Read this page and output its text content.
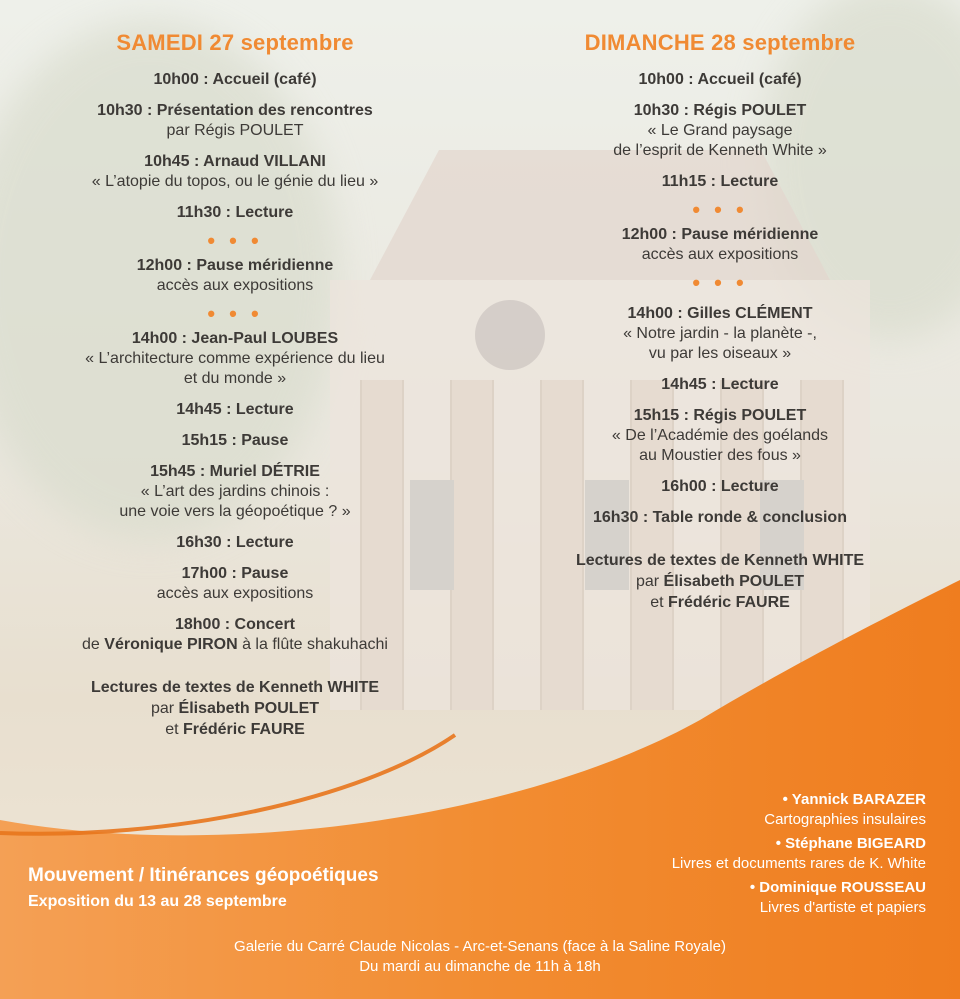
SAMEDI 27 septembre
10h00 : Accueil (café)
10h30 : Présentation des rencontres
par Régis POULET
10h45 : Arnaud VILLANI
« L’atopie du topos, ou le génie du lieu »
11h30 : Lecture
• • •
12h00 : Pause méridienne
accès aux expositions
• • •
14h00 : Jean-Paul LOUBES
« L’architecture comme expérience du lieu
et du monde »
14h45 : Lecture
15h15 : Pause
15h45 : Muriel DÉTRIE
« L’art des jardins chinois :
une voie vers la géopoétique ? »
16h30 : Lecture
17h00 : Pause
accès aux expositions
18h00 : Concert
de Véronique PIRON à la flûte shakuhachi
Lectures de textes de Kenneth WHITE
par Élisabeth POULET
et Frédéric FAURE
DIMANCHE 28 septembre
10h00 : Accueil (café)
10h30 : Régis POULET
« Le Grand paysage
de l’esprit de Kenneth White »
11h15 : Lecture
• • •
12h00 : Pause méridienne
accès aux expositions
• • •
14h00 : Gilles CLÉMENT
« Notre jardin - la planète -,
vu par les oiseaux »
14h45 : Lecture
15h15 : Régis POULET
« De l’Académie des goélands
au Moustier des fous »
16h00 : Lecture
16h30 : Table ronde & conclusion
Lectures de textes de Kenneth WHITE
par Élisabeth POULET
et Frédéric FAURE
Mouvement / Itinérances géopoétiques
Exposition du 13 au 28 septembre
• Yannick BARAZER
Cartographies insulaires
• Stéphane BIGEARD
Livres et documents rares de K. White
• Dominique ROUSSEAU
Livres d'artiste et papiers
Galerie du Carré Claude Nicolas - Arc-et-Senans (face à la Saline Royale)
Du mardi au dimanche de 11h à 18h
